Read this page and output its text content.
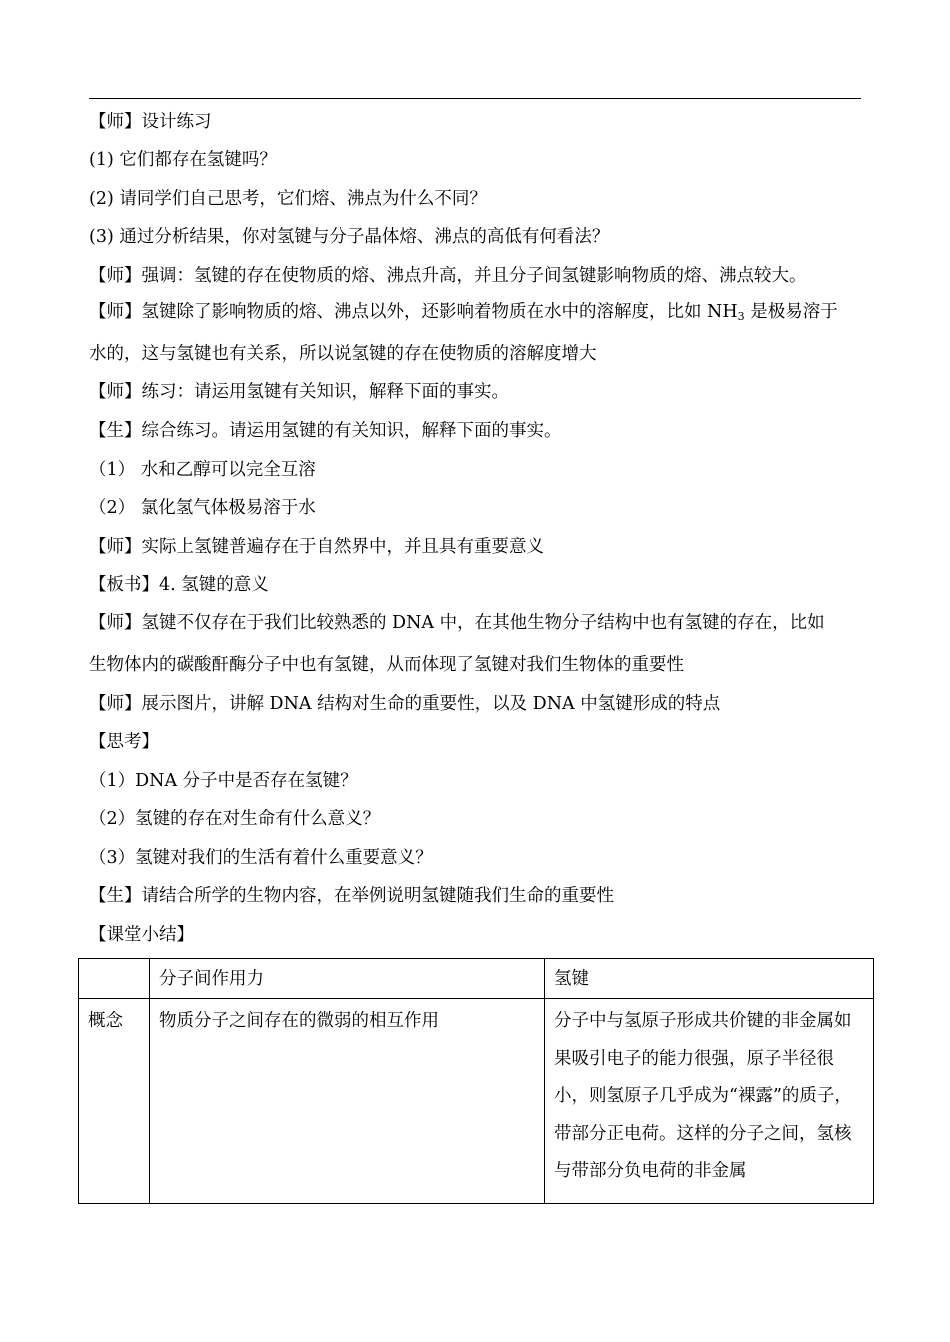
【师】设计练习
(1) 它们都存在氢键吗？
(2) 请同学们自己思考，它们熔、沸点为什么不同？
(3) 通过分析结果，你对氢键与分子晶体熔、沸点的高低有何看法？
【师】强调：氢键的存在使物质的熔、沸点升高，并且分子间氢键影响物质的熔、沸点较大。
【师】氢键除了影响物质的熔、沸点以外，还影响着物质在水中的溶解度，比如 $NH_3$ 是极易溶于
水的，这与氢键也有关系，所以说氢键的存在使物质的溶解度增大
【师】练习：请运用氢键有关知识，解释下面的事实。
【生】综合练习。请运用氢键的有关知识，解释下面的事实。
（1） 水和乙醇可以完全互溶
（2） 氯化氢气体极易溶于水
【师】实际上氢键普遍存在于自然界中，并且具有重要意义
【板书】4. 氢键的意义
【师】氢键不仅存在于我们比较熟悉的 DNA 中，在其他生物分子结构中也有氢键的存在，比如
生物体内的碳酸酐酶分子中也有氢键，从而体现了氢键对我们生物体的重要性
【师】展示图片，讲解 DNA 结构对生命的重要性，以及 DNA 中氢键形成的特点
【思考】
（1）DNA 分子中是否存在氢键？
（2）氢键的存在对生命有什么意义？
（3）氢键对我们的生活有着什么重要意义？
【生】请结合所学的生物内容，在举例说明氢键随我们生命的重要性
【课堂小结】
	分子间作用力	氢键
概念	物质分子之间存在的微弱的相互作用	分子中与氢原子形成共价键的非金属如果吸引电子的能力很强，原子半径很小，则氢原子几乎成为“裸露”的质子，带部分正电荷。这样的分子之间，氢核与带部分负电荷的非金属
